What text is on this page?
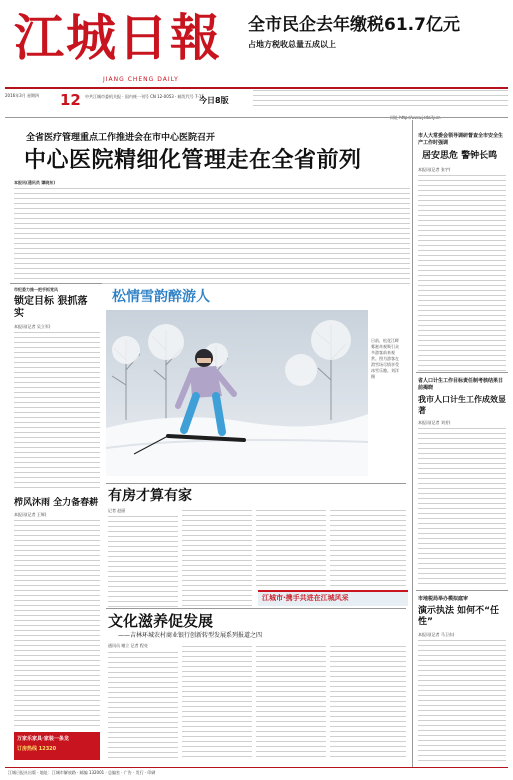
江城日報
JIANG CHENG DAILY
全市民企去年缴税61.7亿元
占地方税收总量五成以上
2016年3月 星期四	12 中共江城市委机关报 · 国内统一刊号 CN 12-0053 · 邮发代号 7-15
今日8版
全省医疗管理重点工作推进会在市中心医院召开
中心医院精细化管理走在全省前列
本报讯(通讯员 谭晓东)
市纪委力推一把手抓党风
锁定目标 狠抓落实
本报讯(记者 吴立军)
栉风沐雨 全力备春耕
本报讯(记者 王辉)
万家乐家具·家装一条龙
订房热线 12320
松情雪韵醉游人
日前，松花江畔雾凇奇观吸引众多游客前来观赏。图为游客在滑雪场尽情享受冰雪乐趣。刘洋 摄
有房才算有家
记者 赵丽
江城市·携手共进在江城风采
文化滋养促发展
——吉林环城农村商业银行创新转型发展系列报道之四
通讯员 谢立 记者 程亮
市人大常委会领导调研督查全市安全生产工作时强调
居安思危 警钟长鸣
本报讯(记者 张宇)
省人口计生工作目标责任制考核结果日前揭晓
我市人口计生工作成效显著
本报讯(记者 刘芳)
市地税局举办模拟庭审
演示执法 如何不“任性”
本报讯(记者 马卫东)
江城日报社出版 · 地址：江城市解放路 · 邮编 132001 · 总编室 · 广告 · 发行 · 印刷
